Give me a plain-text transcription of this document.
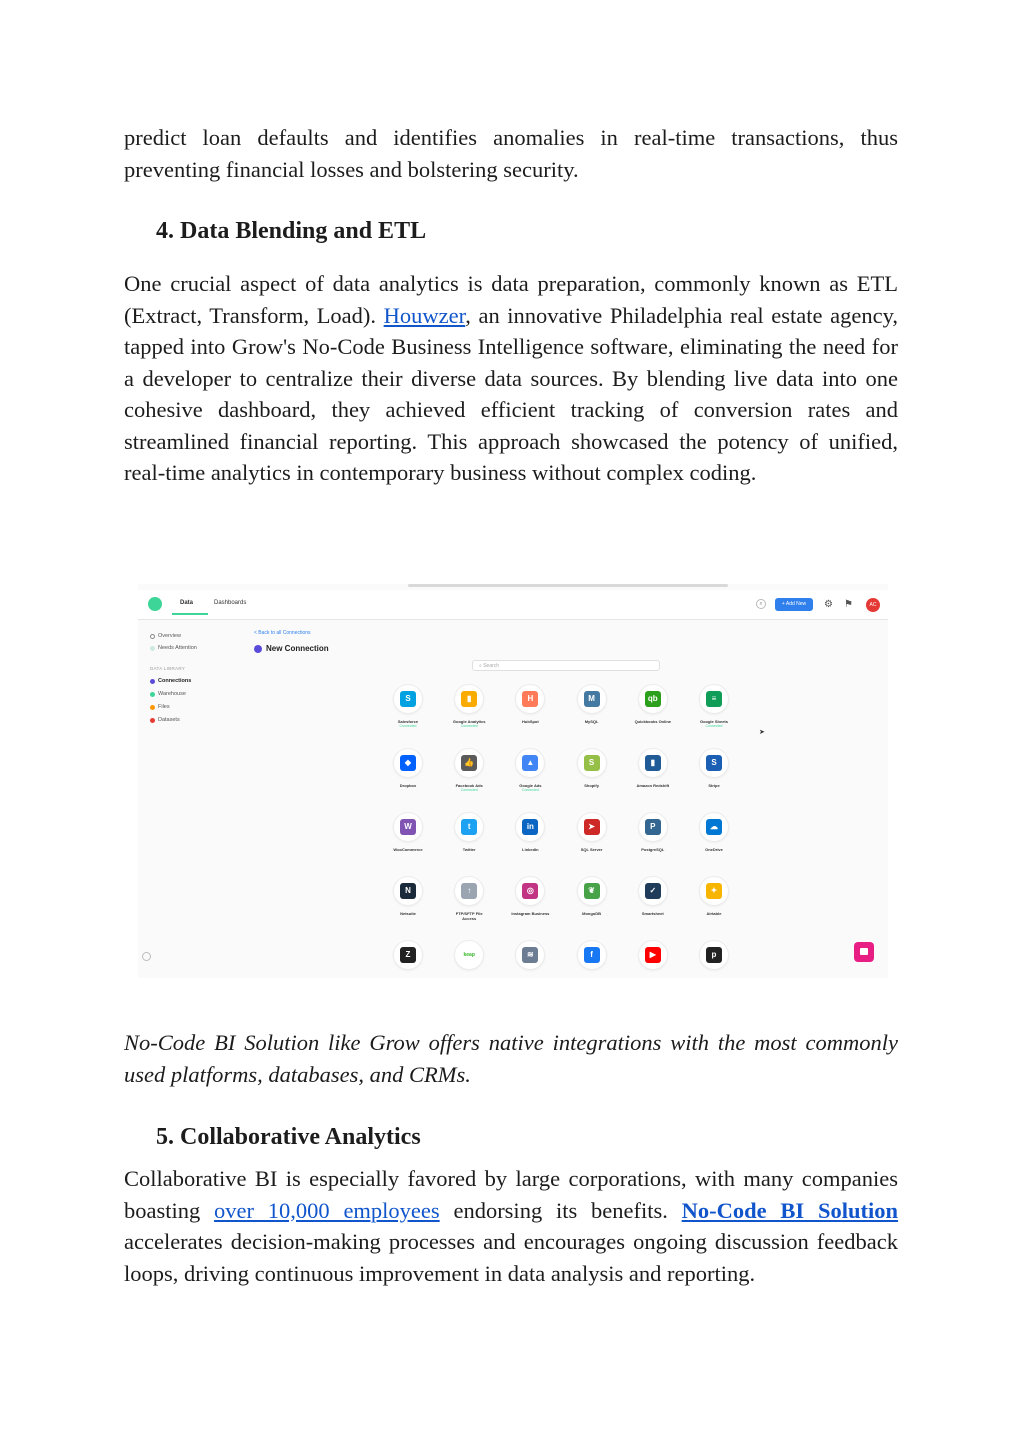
predict loan defaults and identifies anomalies in real-time transactions, thus preventing financial losses and bolstering security.

4. Data Blending and ETL

One crucial aspect of data analytics is data preparation, commonly known as ETL (Extract, Transform, Load). Houwzer, an innovative Philadelphia real estate agency, tapped into Grow's No-Code Business Intelligence software, eliminating the need for a developer to centralize their diverse data sources. By blending live data into one cohesive dashboard, they achieved efficient tracking of conversion rates and streamlined financial reporting. This approach showcased the potency of unified, real-time analytics in contemporary business without complex coding.

No-Code BI Solution like Grow offers native integrations with the most commonly used platforms, databases, and CRMs.

5. Collaborative Analytics

Collaborative BI is especially favored by large corporations, with many companies boasting over 10,000 employees endorsing its benefits. No-Code BI Solution accelerates decision-making processes and encourages ongoing discussion feedback loops, driving continuous improvement in data analysis and reporting.

Data	Dashboards	⌕	+ Add New	⚙ ⚑	AC
Overview
Needs Attention
DATA LIBRARY
Connections
Warehouse
Files
Datasets
< Back to all Connections
New Connection
⌕ Search
S
Salesforce
Connected
▮
Google Analytics
Connected
H
HubSpot
M
MySQL
qb
Quickbooks Online
≡
Google Sheets
Connected
◆
Dropbox
👍
Facebook Ads
Connected
▲
Google Ads
Connected
S
Shopify
▮
Amazon Redshift
S
Stripe
W
WooCommerce
t
Twitter
in
LinkedIn
➤
SQL Server
P
PostgreSQL
☁
OneDrive
N
Netsuite
↑
FTP/SFTP File Access
◎
Instagram Business
❦
MongoDB
✓
Smartsheet
✦
Airtable
Z	keap	≋	f	▶	p
➤
